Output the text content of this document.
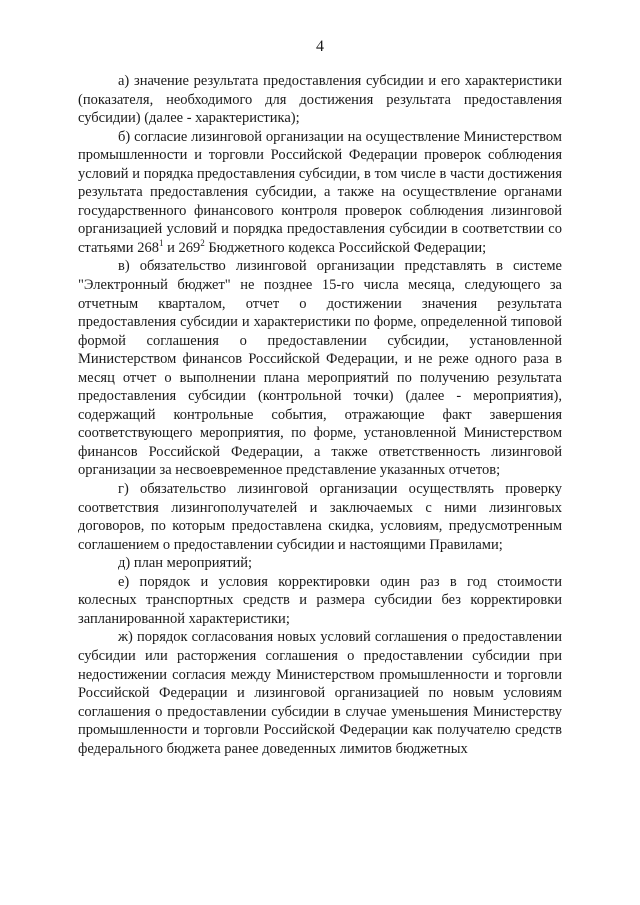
4

а) значение результата предоставления субсидии и его характеристики (показателя, необходимого для достижения результата предоставления субсидии) (далее - характеристика);

б) согласие лизинговой организации на осуществление Министерством промышленности и торговли Российской Федерации проверок соблюдения условий и порядка предоставления субсидии, в том числе в части достижения результата предоставления субсидии, а также на осуществление органами государственного финансового контроля проверок соблюдения лизинговой организацией условий и порядка предоставления субсидии в соответствии со статьями $268^1$ и $269^2$ Бюджетного кодекса Российской Федерации;

в) обязательство лизинговой организации представлять в системе "Электронный бюджет" не позднее 15-го числа месяца, следующего за отчетным кварталом, отчет о достижении значения результата предоставления субсидии и характеристики по форме, определенной типовой формой соглашения о предоставлении субсидии, установленной Министерством финансов Российской Федерации, и не реже одного раза в месяц отчет о выполнении плана мероприятий по получению результата предоставления субсидии (контрольной точки) (далее - мероприятия), содержащий контрольные события, отражающие факт завершения соответствующего мероприятия, по форме, установленной Министерством финансов Российской Федерации, а также ответственность лизинговой организации за несвоевременное представление указанных отчетов;

г) обязательство лизинговой организации осуществлять проверку соответствия лизингополучателей и заключаемых с ними лизинговых договоров, по которым предоставлена скидка, условиям, предусмотренным соглашением о предоставлении субсидии и настоящими Правилами;

д) план мероприятий;

е) порядок и условия корректировки один раз в год стоимости колесных транспортных средств и размера субсидии без корректировки запланированной характеристики;

ж) порядок согласования новых условий соглашения о предоставлении субсидии или расторжения соглашения о предоставлении субсидии при недостижении согласия между Министерством промышленности и торговли Российской Федерации и лизинговой организацией по новым условиям соглашения о предоставлении субсидии в случае уменьшения Министерству промышленности и торговли Российской Федерации как получателю средств федерального бюджета ранее доведенных лимитов бюджетных
